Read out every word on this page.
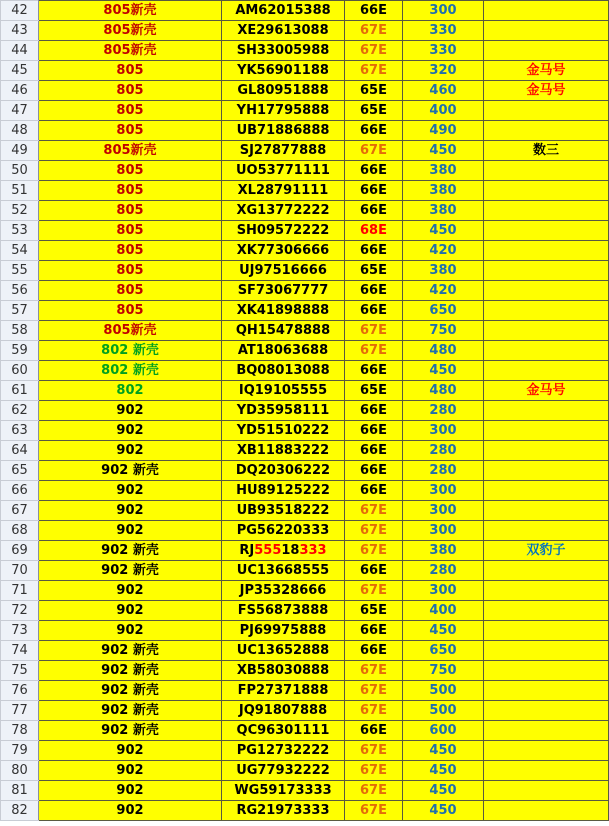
42	805新壳	AM62015388	66E	300	
43	805新壳	XE29613088	67E	330	
44	805新壳	SH33005988	67E	330	
45	805	YK56901188	67E	320	金马号
46	805	GL80951888	65E	460	金马号
47	805	YH17795888	65E	400	
48	805	UB71886888	66E	490	
49	805新壳	SJ27877888	67E	450	数三
50	805	UO53771111	66E	380	
51	805	XL28791111	66E	380	
52	805	XG13772222	66E	380	
53	805	SH09572222	68E	450	
54	805	XK77306666	66E	420	
55	805	UJ97516666	65E	380	
56	805	SF73067777	66E	420	
57	805	XK41898888	66E	650	
58	805新壳	QH15478888	67E	750	
59	802 新壳	AT18063688	67E	480	
60	802 新壳	BQ08013088	66E	450	
61	802	IQ19105555	65E	480	金马号
62	902	YD35958111	66E	280	
63	902	YD51510222	66E	300	
64	902	XB11883222	66E	280	
65	902 新壳	DQ20306222	66E	280	
66	902	HU89125222	66E	300	
67	902	UB93518222	67E	300	
68	902	PG56220333	67E	300	
69	902 新壳	RJ55518333	67E	380	双豹子
70	902 新壳	UC13668555	66E	280	
71	902	JP35328666	67E	300	
72	902	FS56873888	65E	400	
73	902	PJ69975888	66E	450	
74	902 新壳	UC13652888	66E	650	
75	902 新壳	XB58030888	67E	750	
76	902 新壳	FP27371888	67E	500	
77	902 新壳	JQ91807888	67E	500	
78	902 新壳	QC96301111	66E	600	
79	902	PG12732222	67E	450	
80	902	UG77932222	67E	450	
81	902	WG59173333	67E	450	
82	902	RG21973333	67E	450	
